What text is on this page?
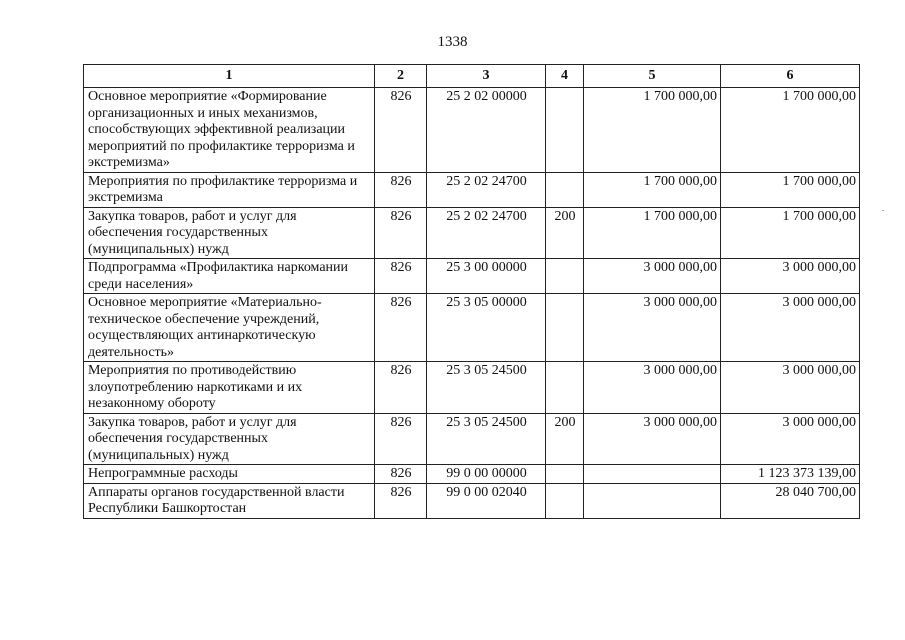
1338
1	2	3	4	5	6
Основное мероприятие «Формирование организационных и иных механизмов, способствующих эффективной реализации мероприятий по профилактике терроризма и экстремизма»	826	25 2 02 00000		1 700 000,00	1 700 000,00
Мероприятия по профилактике терроризма и экстремизма	826	25 2 02 24700		1 700 000,00	1 700 000,00
Закупка товаров, работ и услуг для обеспечения государственных (муниципальных) нужд	826	25 2 02 24700	200	1 700 000,00	1 700 000,00
Подпрограмма «Профилактика наркомании среди населения»	826	25 3 00 00000		3 000 000,00	3 000 000,00
Основное мероприятие «Материально-техническое обеспечение учреждений, осуществляющих антинаркотическую деятельность»	826	25 3 05 00000		3 000 000,00	3 000 000,00
Мероприятия по противодействию злоупотреблению наркотиками и их незаконному обороту	826	25 3 05 24500		3 000 000,00	3 000 000,00
Закупка товаров, работ и услуг для обеспечения государственных (муниципальных) нужд	826	25 3 05 24500	200	3 000 000,00	3 000 000,00
Непрограммные расходы	826	99 0 00 00000			1 123 373 139,00
Аппараты органов государственной власти Республики Башкортостан	826	99 0 00 02040			28 040 700,00
